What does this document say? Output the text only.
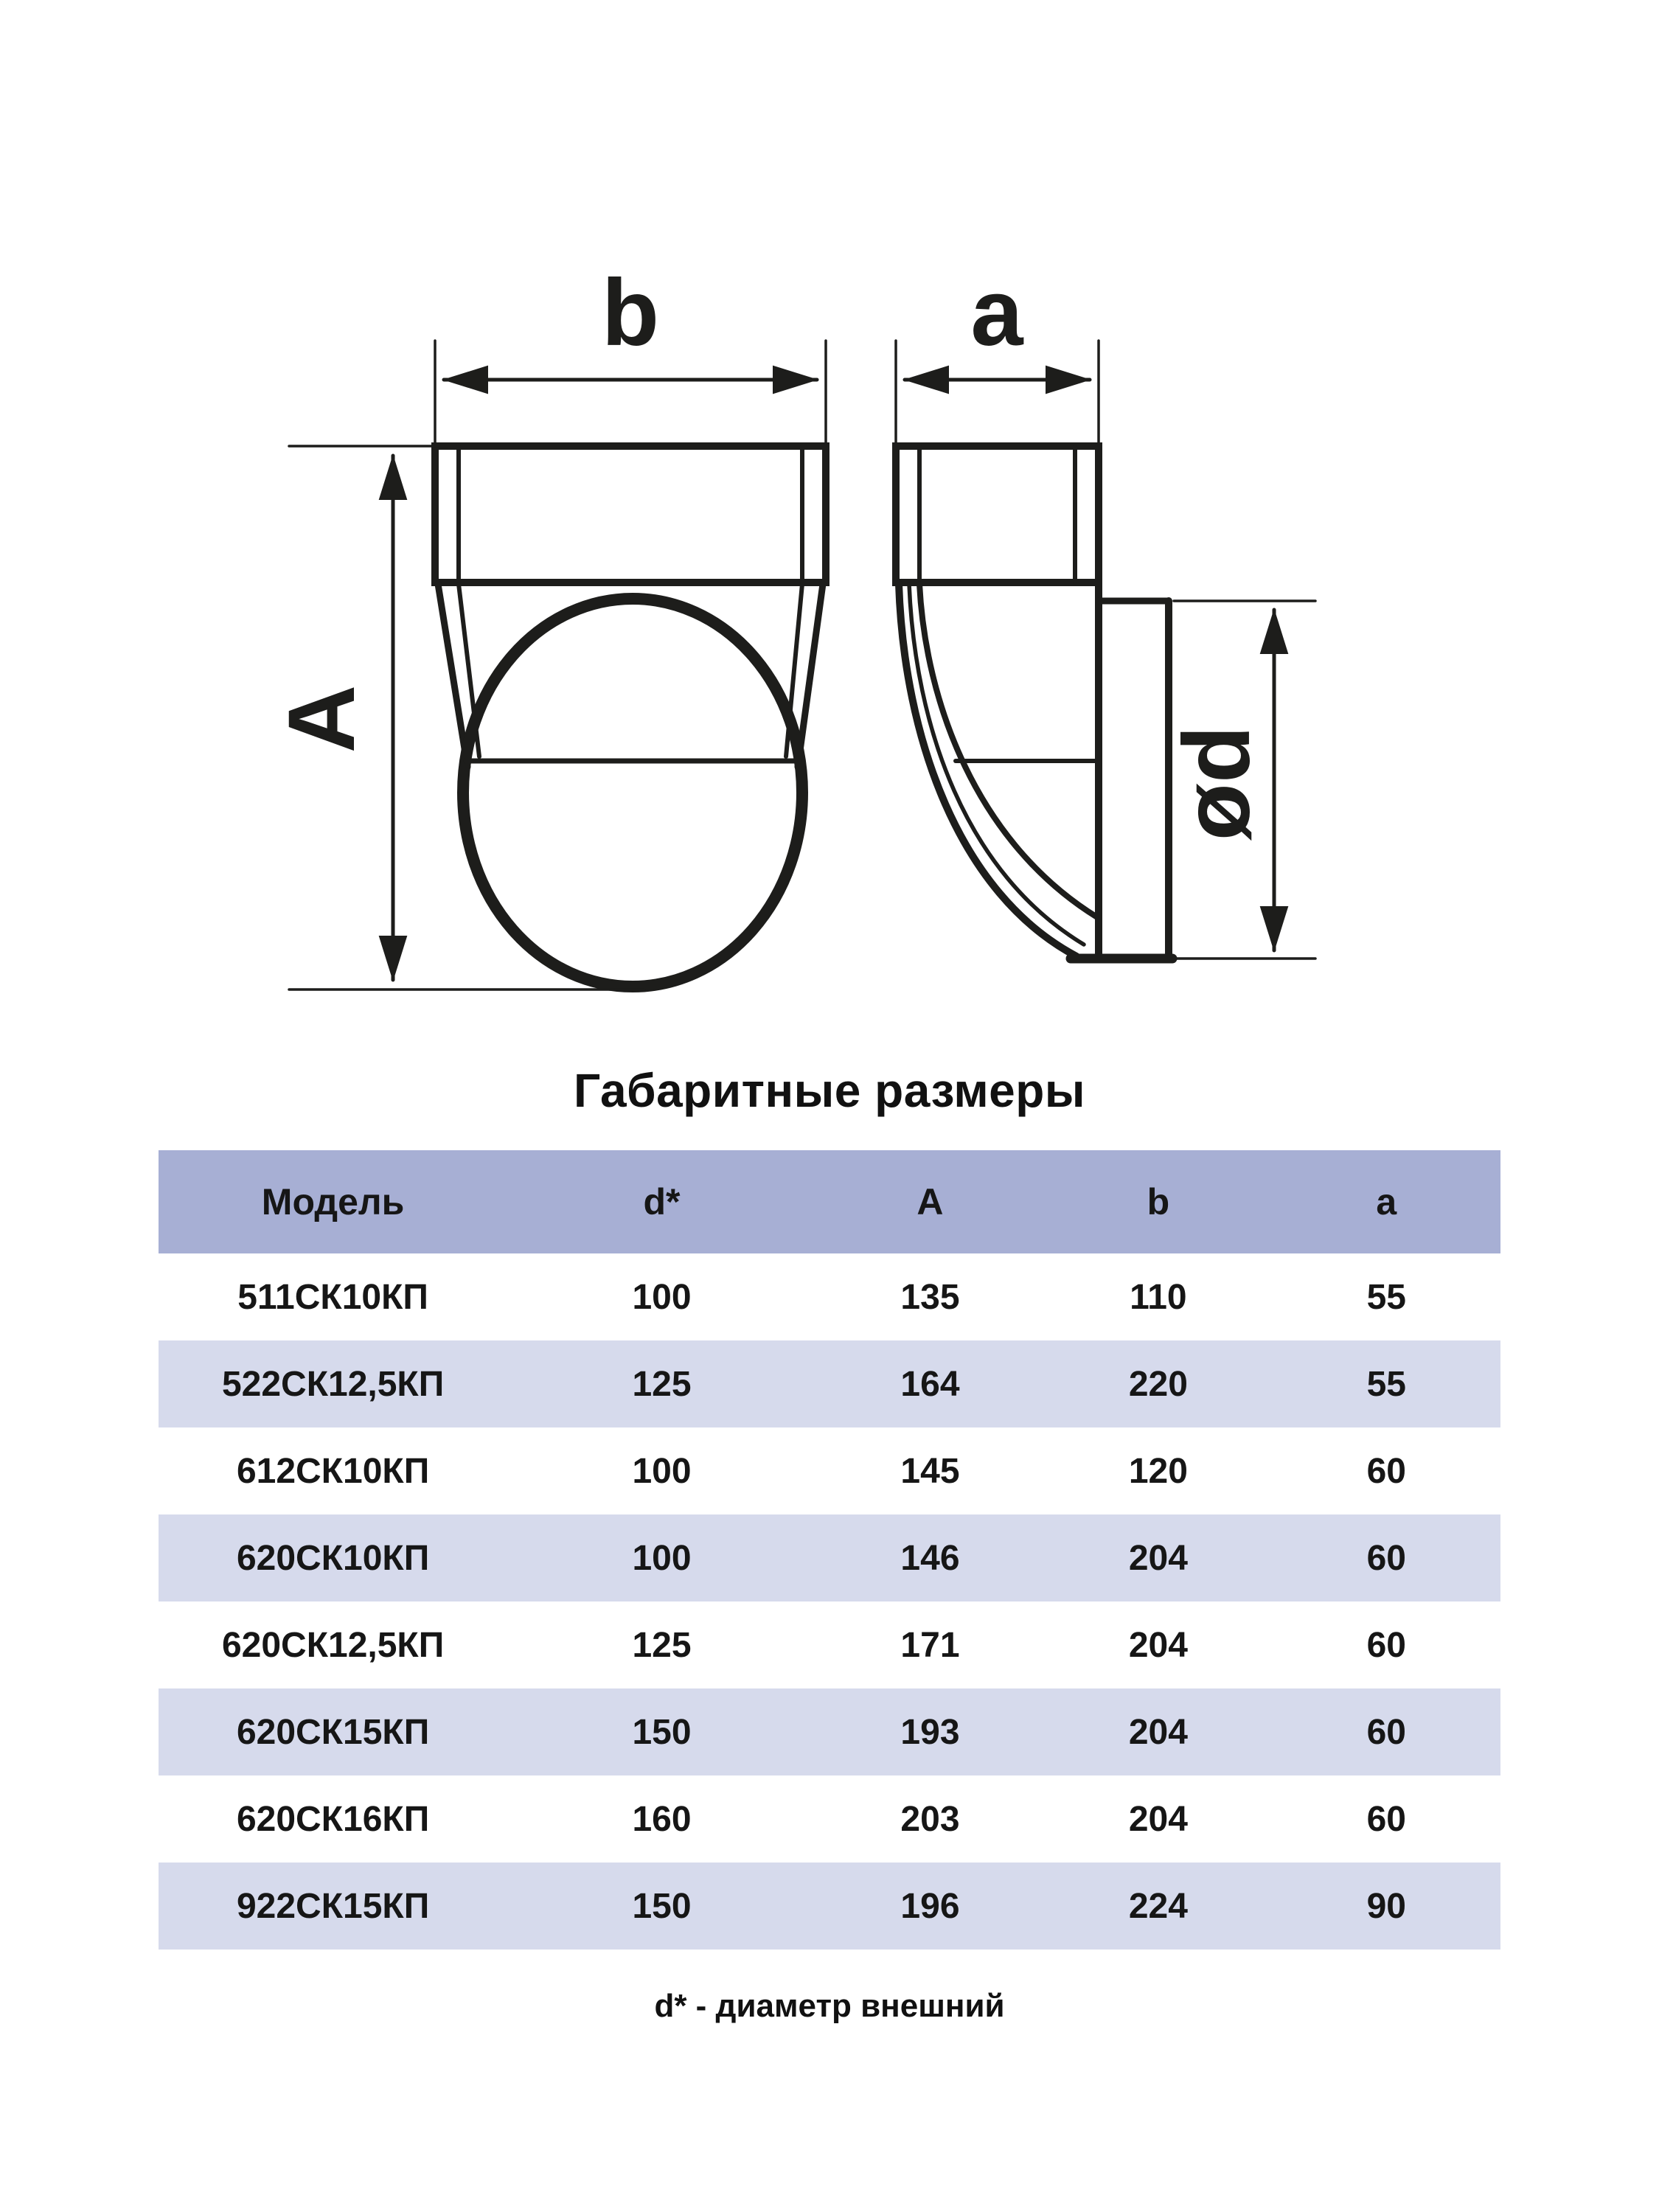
b	a
A
ød
Габаритные размеры
Модель	d*	A	b	a
511СК10КП	100	135	110	55
522СК12,5КП	125	164	220	55
612СК10КП	100	145	120	60
620СК10КП	100	146	204	60
620СК12,5КП	125	171	204	60
620СК15КП	150	193	204	60
620СК16КП	160	203	204	60
922СК15КП	150	196	224	90
d* - диаметр внешний
